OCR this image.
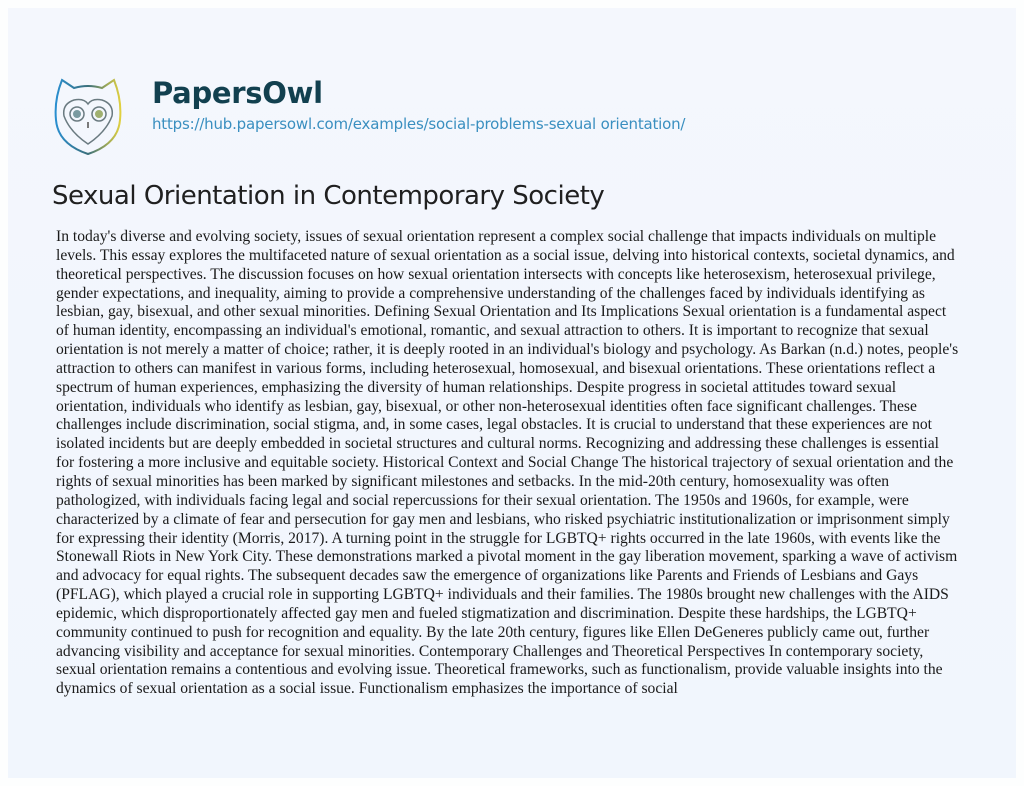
PapersOwl
https://hub.papersowl.com/examples/social-problems-sexual orientation/
Sexual Orientation in Contemporary Society
In today's diverse and evolving society, issues of sexual orientation represent a complex social challenge that impacts individuals on multiple
levels. This essay explores the multifaceted nature of sexual orientation as a social issue, delving into historical contexts, societal dynamics, and
theoretical perspectives. The discussion focuses on how sexual orientation intersects with concepts like heterosexism, heterosexual privilege,
gender expectations, and inequality, aiming to provide a comprehensive understanding of the challenges faced by individuals identifying as
lesbian, gay, bisexual, and other sexual minorities. Defining Sexual Orientation and Its Implications Sexual orientation is a fundamental aspect
of human identity, encompassing an individual's emotional, romantic, and sexual attraction to others. It is important to recognize that sexual
orientation is not merely a matter of choice; rather, it is deeply rooted in an individual's biology and psychology. As Barkan (n.d.) notes, people's
attraction to others can manifest in various forms, including heterosexual, homosexual, and bisexual orientations. These orientations reflect a
spectrum of human experiences, emphasizing the diversity of human relationships. Despite progress in societal attitudes toward sexual
orientation, individuals who identify as lesbian, gay, bisexual, or other non-heterosexual identities often face significant challenges. These
challenges include discrimination, social stigma, and, in some cases, legal obstacles. It is crucial to understand that these experiences are not
isolated incidents but are deeply embedded in societal structures and cultural norms. Recognizing and addressing these challenges is essential
for fostering a more inclusive and equitable society. Historical Context and Social Change The historical trajectory of sexual orientation and the
rights of sexual minorities has been marked by significant milestones and setbacks. In the mid-20th century, homosexuality was often
pathologized, with individuals facing legal and social repercussions for their sexual orientation. The 1950s and 1960s, for example, were
characterized by a climate of fear and persecution for gay men and lesbians, who risked psychiatric institutionalization or imprisonment simply
for expressing their identity (Morris, 2017). A turning point in the struggle for LGBTQ+ rights occurred in the late 1960s, with events like the
Stonewall Riots in New York City. These demonstrations marked a pivotal moment in the gay liberation movement, sparking a wave of activism
and advocacy for equal rights. The subsequent decades saw the emergence of organizations like Parents and Friends of Lesbians and Gays
(PFLAG), which played a crucial role in supporting LGBTQ+ individuals and their families. The 1980s brought new challenges with the AIDS
epidemic, which disproportionately affected gay men and fueled stigmatization and discrimination. Despite these hardships, the LGBTQ+
community continued to push for recognition and equality. By the late 20th century, figures like Ellen DeGeneres publicly came out, further
advancing visibility and acceptance for sexual minorities. Contemporary Challenges and Theoretical Perspectives In contemporary society,
sexual orientation remains a contentious and evolving issue. Theoretical frameworks, such as functionalism, provide valuable insights into the
dynamics of sexual orientation as a social issue. Functionalism emphasizes the importance of social
